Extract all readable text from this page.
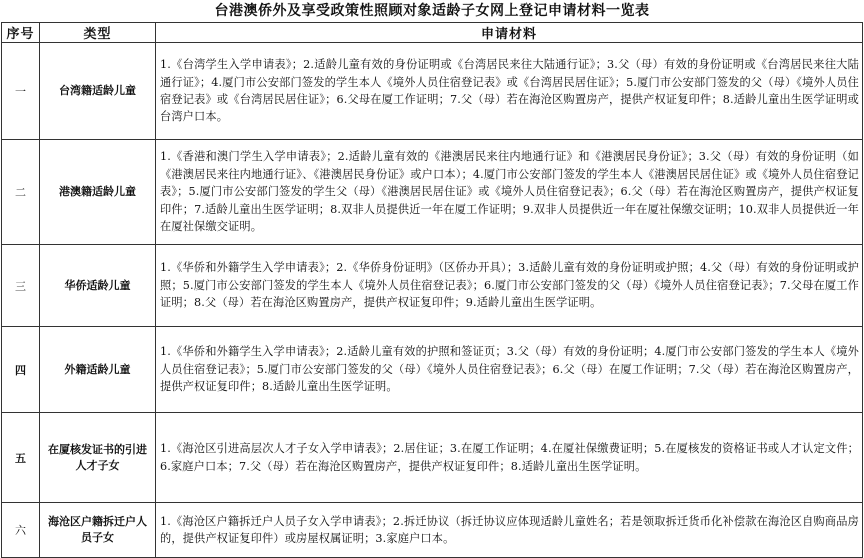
台港澳侨外及享受政策性照顾对象适龄子女网上登记申请材料一览表
序号	类型	申请材料
一	台湾籍适龄儿童	1.《台湾学生入学申请表》；2.适龄儿童有效的身份证明或《台湾居民来往大陆通行证》；3.父（母）有效的身份证明或《台湾居民来往大陆通行证》；4.厦门市公安部门签发的学生本人《境外人员住宿登记表》或《台湾居民居住证》；5.厦门市公安部门签发的父（母）《境外人员住宿登记表》或《台湾居民居住证》；6.父母在厦工作证明；7.父（母）若在海沧区购置房产，提供产权证复印件；8.适龄儿童出生医学证明或台湾户口本。
二	港澳籍适龄儿童	1.《香港和澳门学生入学申请表》；2.适龄儿童有效的《港澳居民来往内地通行证》和《港澳居民身份证》；3.父（母）有效的身份证明（如《港澳居民来往内地通行证》、《港澳居民身份证》或户口本）；4.厦门市公安部门签发的学生本人《港澳居民居住证》或《境外人员住宿登记表》；5.厦门市公安部门签发的学生父（母）《港澳居民居住证》或《境外人员住宿登记表》；6.父（母）若在海沧区购置房产，提供产权证复印件；7.适龄儿童出生医学证明；8.双非人员提供近一年在厦工作证明；9.双非人员提供近一年在厦社保缴交证明；10.双非人员提供近一年在厦社保缴交证明。
三	华侨适龄儿童	1.《华侨和外籍学生入学申请表》；2.《华侨身份证明》（区侨办开具）；3.适龄儿童有效的身份证明或护照；4.父（母）有效的身份证明或护照；5.厦门市公安部门签发的学生本人《境外人员住宿登记表》；6.厦门市公安部门签发的父（母）《境外人员住宿登记表》；7.父母在厦工作证明；8.父（母）若在海沧区购置房产，提供产权证复印件；9.适龄儿童出生医学证明。
四	外籍适龄儿童	1.《华侨和外籍学生入学申请表》；2.适龄儿童有效的护照和签证页；3.父（母）有效的身份证明；4.厦门市公安部门签发的学生本人《境外人员住宿登记表》；5.厦门市公安部门签发的父（母）《境外人员住宿登记表》；6.父（母）在厦工作证明；7.父（母）若在海沧区购置房产，提供产权证复印件；8.适龄儿童出生医学证明。
五	在厦核发证书的引进人才子女	1.《海沧区引进高层次人才子女入学申请表》；2.居住证；3.在厦工作证明；4.在厦社保缴费证明；5.在厦核发的资格证书或人才认定文件；6.家庭户口本；7.父（母）若在海沧区购置房产，提供产权证复印件；8.适龄儿童出生医学证明。
六	海沧区户籍拆迁户人员子女	1.《海沧区户籍拆迁户人员子女入学申请表》；2.拆迁协议（拆迁协议应体现适龄儿童姓名；若是领取拆迁货币化补偿款在海沧区自购商品房的，提供产权证复印件）或房屋权属证明；3.家庭户口本。
